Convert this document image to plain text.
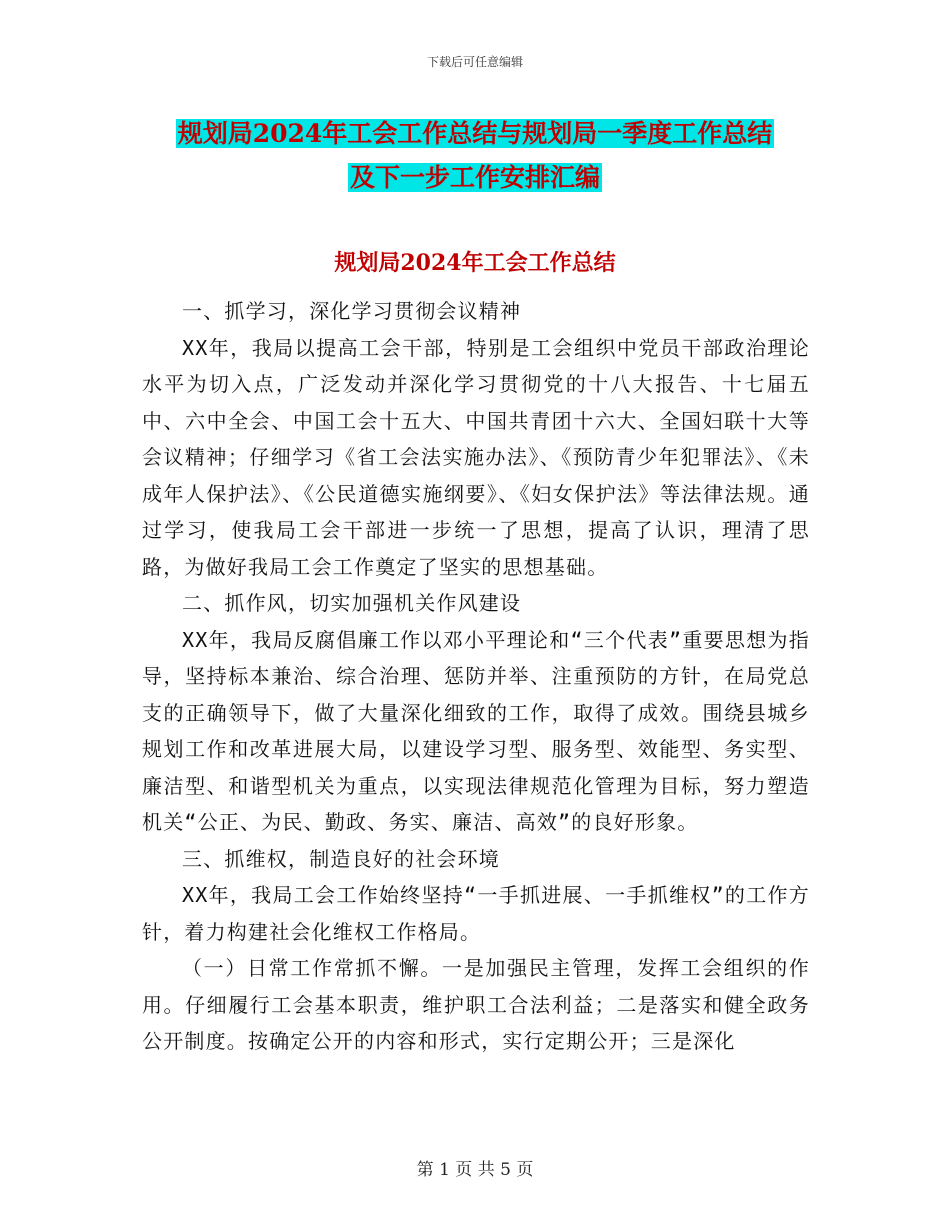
下载后可任意编辑
规划局2024年工会工作总结与规划局一季度工作总结
及下一步工作安排汇编
规划局2024年工会工作总结

一、抓学习，深化学习贯彻会议精神

XX年，我局以提高工会干部，特别是工会组织中党员干部政治理论水平为切入点，广泛发动并深化学习贯彻党的十八大报告、十七届五中、六中全会、中国工会十五大、中国共青团十六大、全国妇联十大等会议精神；仔细学习《省工会法实施办法》、《预防青少年犯罪法》、《未成年人保护法》、《公民道德实施纲要》、《妇女保护法》等法律法规。通过学习，使我局工会干部进一步统一了思想，提高了认识，理清了思路，为做好我局工会工作奠定了坚实的思想基础。

二、抓作风，切实加强机关作风建设

XX年，我局反腐倡廉工作以邓小平理论和“三个代表”重要思想为指导，坚持标本兼治、综合治理、惩防并举、注重预防的方针，在局党总支的正确领导下，做了大量深化细致的工作，取得了成效。围绕县城乡规划工作和改革进展大局，以建设学习型、服务型、效能型、务实型、廉洁型、和谐型机关为重点，以实现法律规范化管理为目标，努力塑造机关“公正、为民、勤政、务实、廉洁、高效”的良好形象。

三、抓维权，制造良好的社会环境

XX年，我局工会工作始终坚持“一手抓进展、一手抓维权”的工作方针，着力构建社会化维权工作格局。

（一）日常工作常抓不懈。一是加强民主管理，发挥工会组织的作用。仔细履行工会基本职责，维护职工合法利益；二是落实和健全政务公开制度。按确定公开的内容和形式，实行定期公开；三是深化

第 1 页 共 5 页
